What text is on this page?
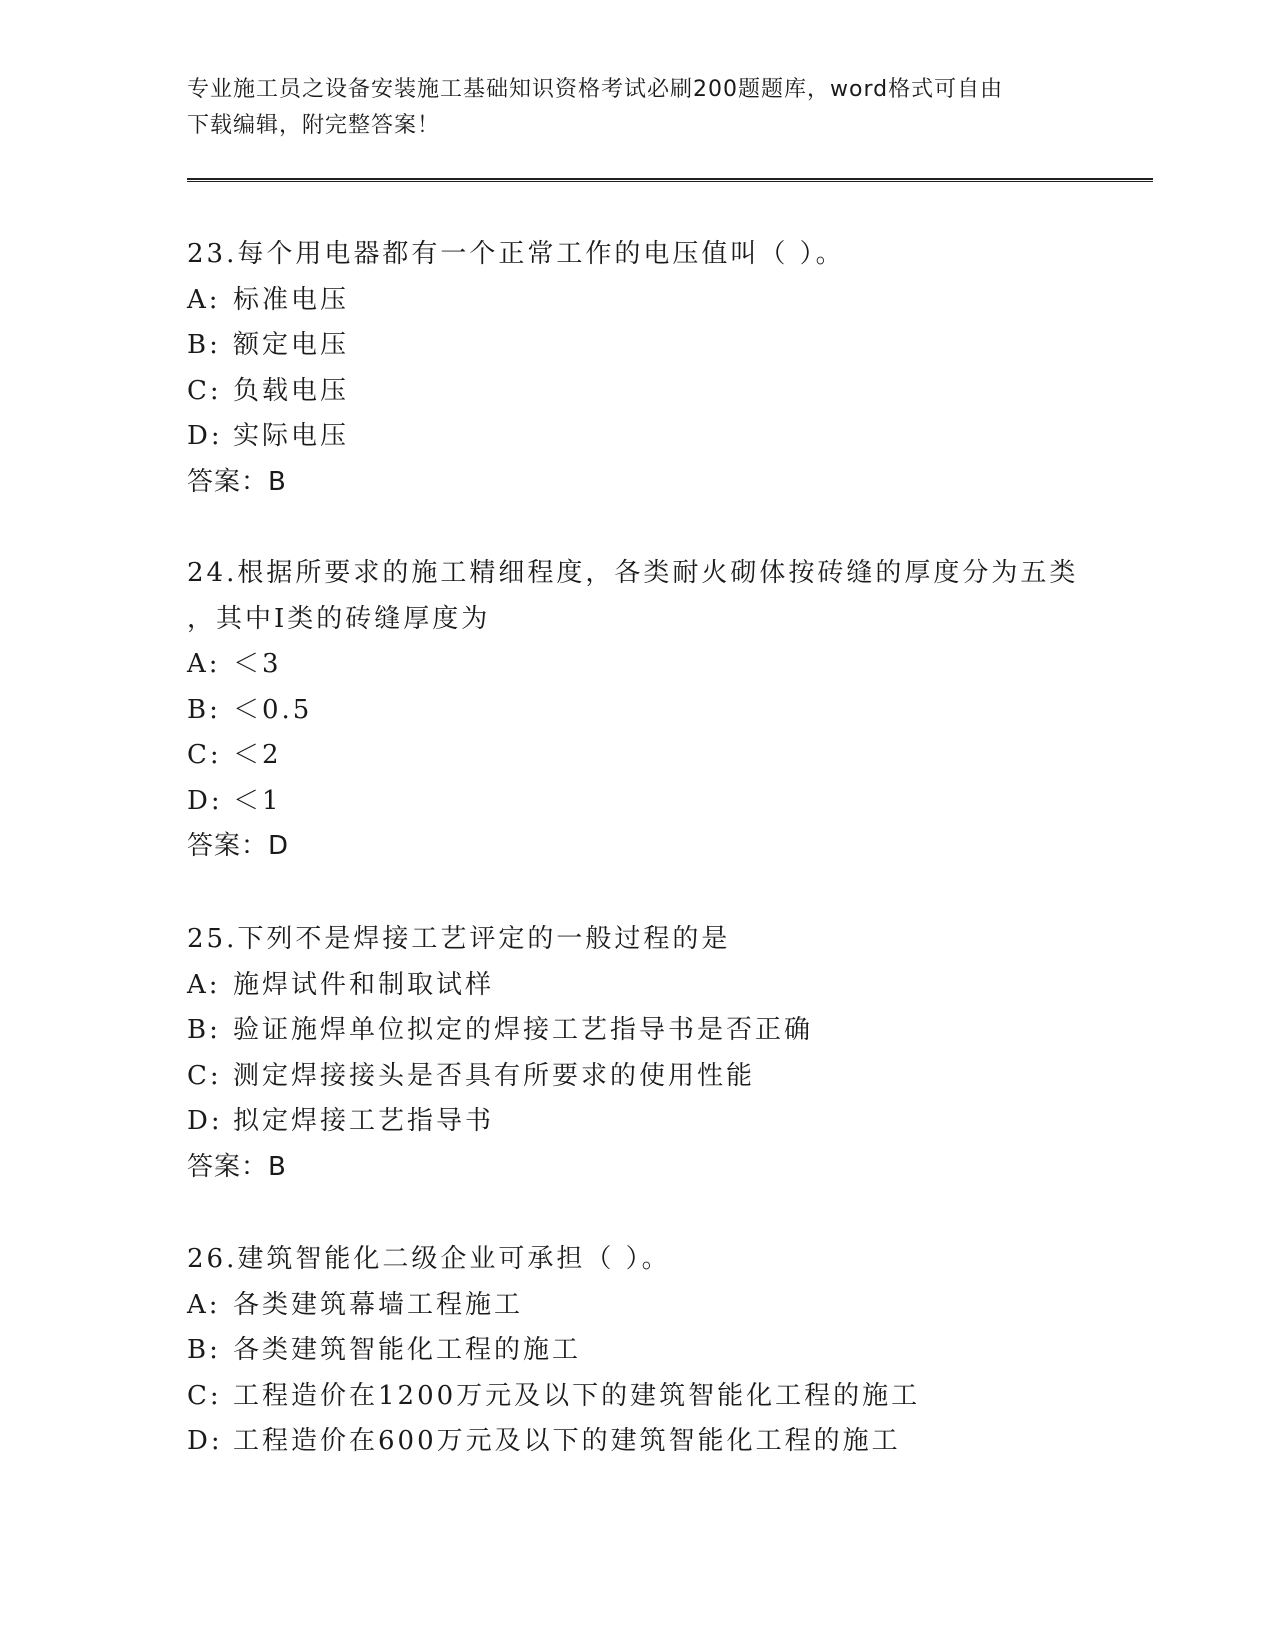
专业施工员之设备安装施工基础知识资格考试必刷200题题库，word格式可自由
下载编辑，附完整答案！
23.每个用电器都有一个正常工作的电压值叫（ ）。
A: 标准电压
B: 额定电压
C: 负载电压
D: 实际电压
答案：B
24.根据所要求的施工精细程度，各类耐火砌体按砖缝的厚度分为五类
，其中I类的砖缝厚度为
A: ＜3
B: ＜0.5
C: ＜2
D: ＜1
答案：D
25.下列不是焊接工艺评定的一般过程的是
A: 施焊试件和制取试样
B: 验证施焊单位拟定的焊接工艺指导书是否正确
C: 测定焊接接头是否具有所要求的使用性能
D: 拟定焊接工艺指导书
答案：B
26.建筑智能化二级企业可承担（ ）。
A: 各类建筑幕墙工程施工
B: 各类建筑智能化工程的施工
C: 工程造价在1200万元及以下的建筑智能化工程的施工
D: 工程造价在600万元及以下的建筑智能化工程的施工
